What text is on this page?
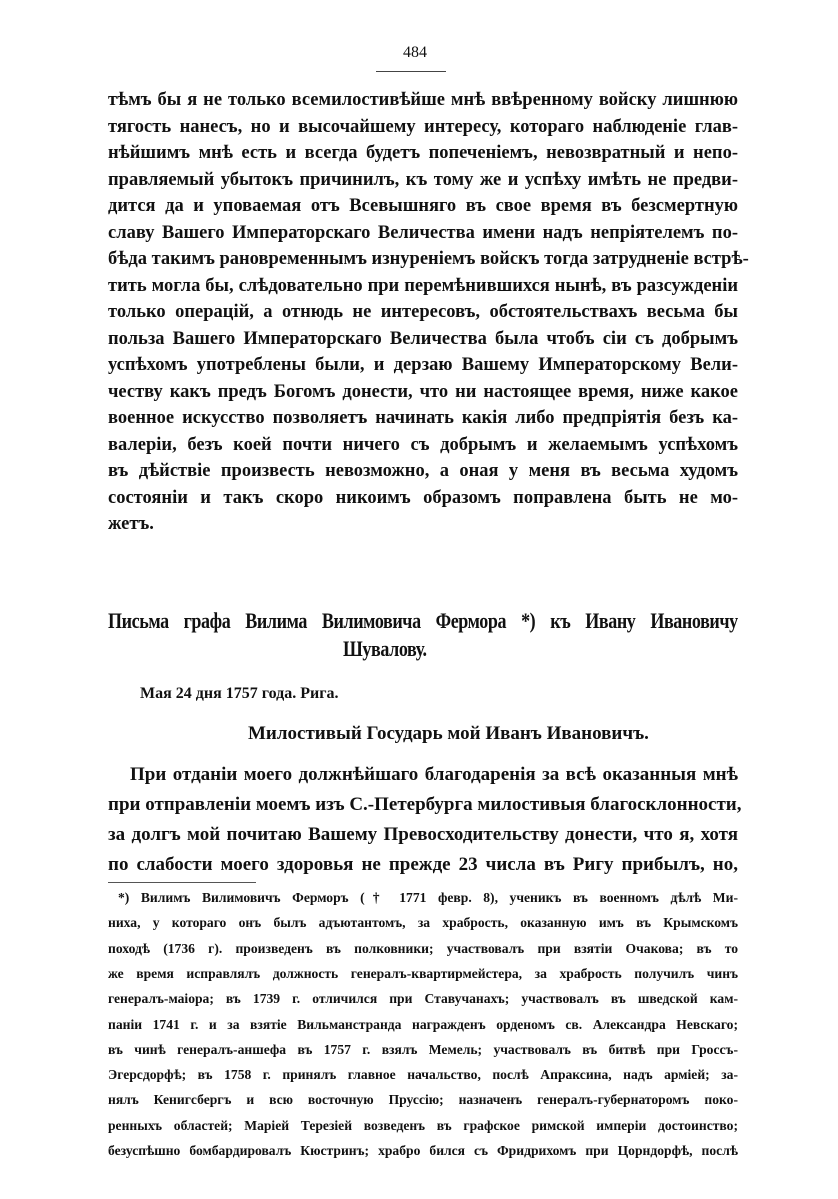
484
тѣмъ бы я не только всемилостивѣйше мнѣ ввѣренному войску лишнюю
тягость нанесъ, но и высочайшему интересу, котораго наблюденіе глав-
нѣйшимъ мнѣ есть и всегда будетъ попеченіемъ, невозвратный и непо-
правляемый убытокъ причинилъ, къ тому же и успѣху имѣть не предви-
дится да и уповаемая отъ Всевышняго въ свое время въ безсмертную
славу Вашего Императорскаго Величества имени надъ непріятелемъ по-
бѣда такимъ рановременнымъ изнуреніемъ войскъ тогда затрудненіе встрѣ-
тить могла бы, слѣдовательно при перемѣнившихся нынѣ, въ разсужденіи
только операцій, а отнюдь не интересовъ, обстоятельствахъ весьма бы
польза Вашего Императорскаго Величества была чтобъ сіи съ добрымъ
успѣхомъ употреблены были, и дерзаю Вашему Императорскому Вели-
честву какъ предъ Богомъ донести, что ни настоящее время, ниже какое
военное искусство позволяетъ начинать какія либо предпріятія безъ ка-
валеріи, безъ коей почти ничего съ добрымъ и желаемымъ успѣхомъ
въ дѣйствіе произвесть невозможно, а оная у меня въ весьма худомъ
состояніи и такъ скоро никоимъ образомъ поправлена быть не мо-
жетъ.
Письма графа Вилима Вилимовича Фермора *) къ Ивану Ивановичу
Шувалову.
Мая 24 дня 1757 года. Рига.
Милостивый Государь мой Иванъ Ивановичъ.
При отданіи моего должнѣйшаго благодаренія за всѣ оказанныя мнѣ
при отправленіи моемъ изъ С.-Петербурга милостивыя благосклонности,
за долгъ мой почитаю Вашему Превосходительству донести, что я, хотя
по слабости моего здоровья не прежде 23 числа въ Ригу прибылъ, но,
*) Вилимъ Вилимовичъ Ферморъ († 1771 февр. 8), ученикъ въ военномъ дѣлѣ Ми-
ниха, у котораго онъ былъ адъютантомъ, за храбрость, оказанную имъ въ Крымскомъ
походѣ (1736 г). произведенъ въ полковники; участвовалъ при взятіи Очакова; въ то
же время исправлялъ должность генералъ-квартирмейстера, за храбрость получилъ чинъ
генералъ-маіора; въ 1739 г. отличился при Ставучанахъ; участвовалъ въ шведской кам-
паніи 1741 г. и за взятіе Вильманстранда награжденъ орденомъ св. Александра Невскаго;
въ чинѣ генералъ-аншефа въ 1757 г. взялъ Мемель; участвовалъ въ битвѣ при Гроссъ-
Эгерсдорфѣ; въ 1758 г. принялъ главное начальство, послѣ Апраксина, надъ арміей; за-
нялъ Кенигсбергъ и всю восточную Пруссію; назначенъ генералъ-губернаторомъ поко-
ренныхъ областей; Маріей Терезіей возведенъ въ графское римской имперіи достоинство;
безуспѣшно бомбардировалъ Кюстринъ; храбро бился съ Фридрихомъ при Цорндорфѣ, послѣ
